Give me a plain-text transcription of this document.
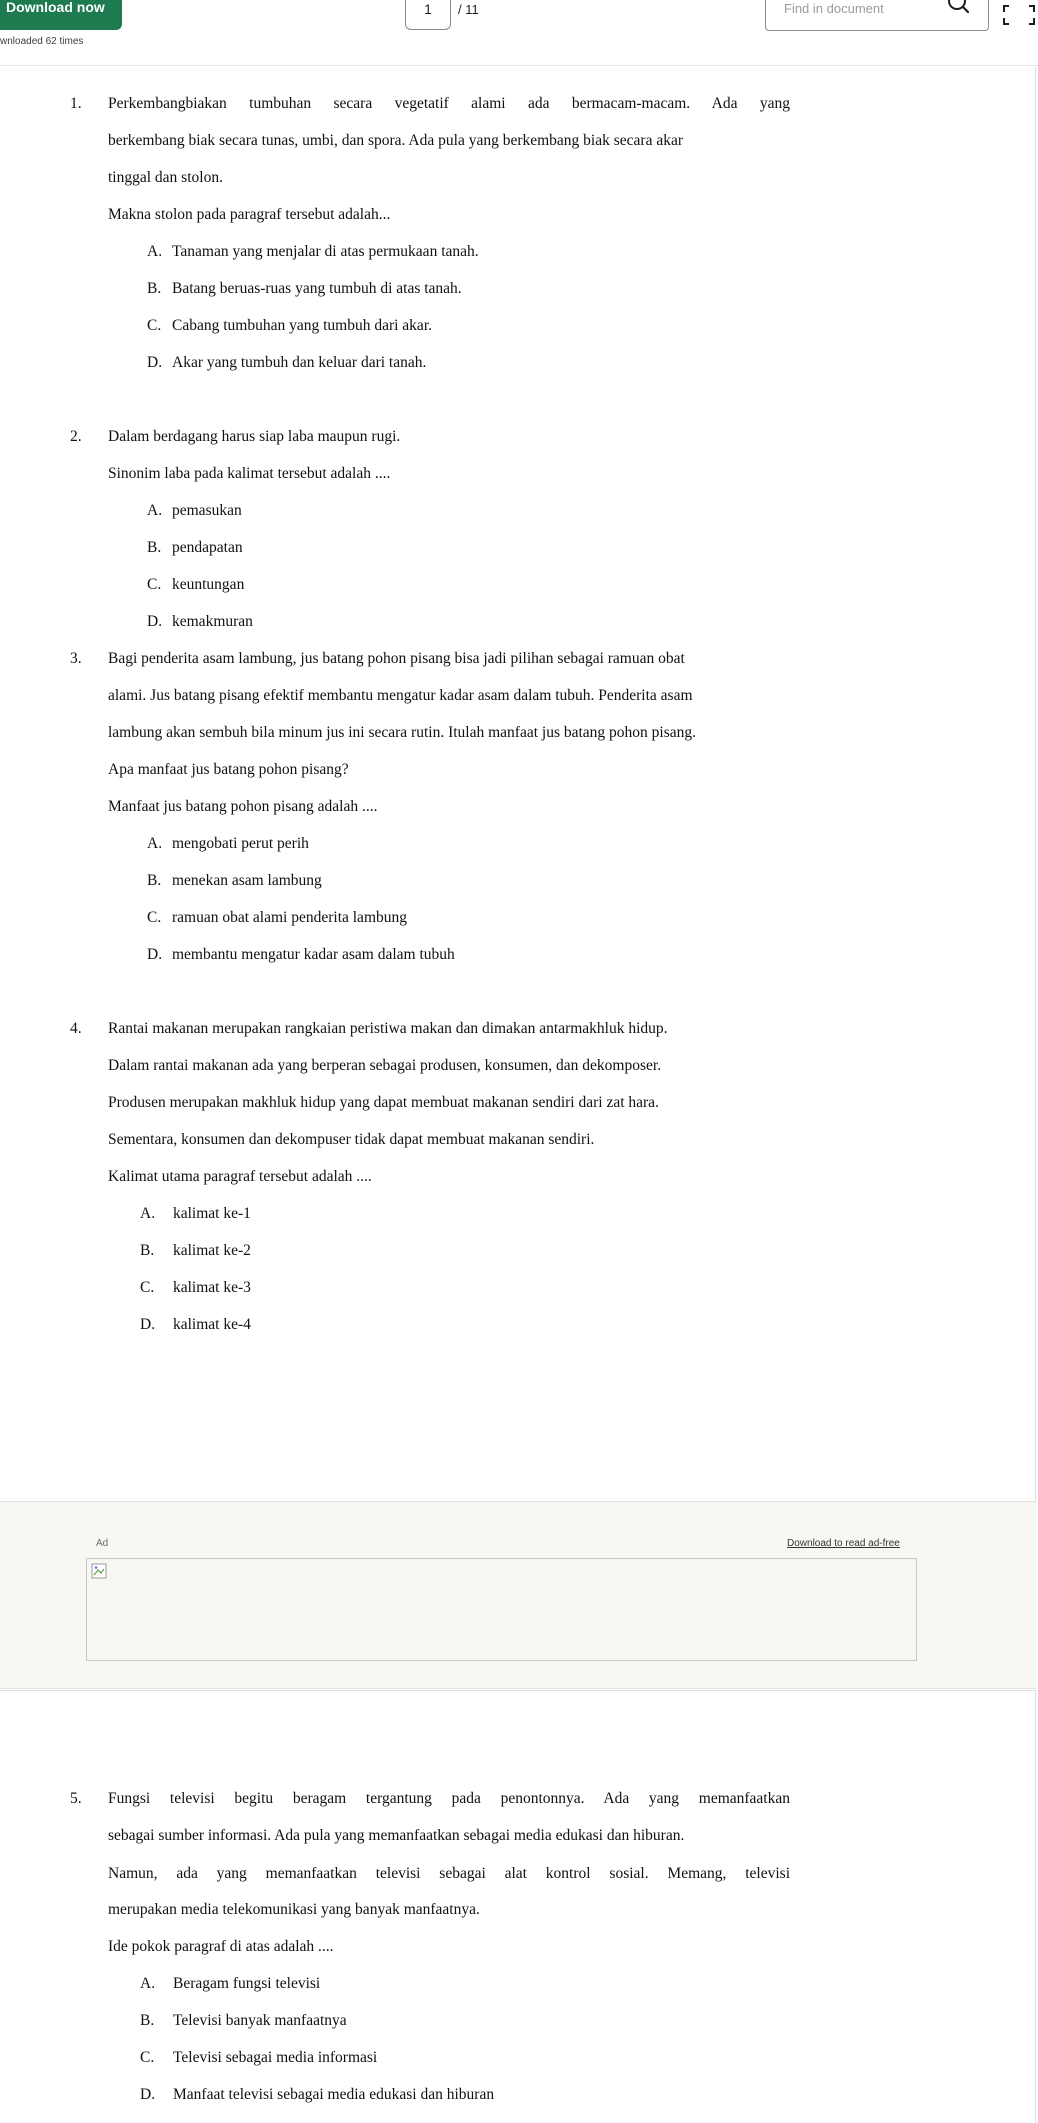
Download now
wnloaded 62 times
1	/ 11	Find in document
1.	Perkembangbiakan tumbuhan secara vegetatif alami ada bermacam-macam. Ada yang
berkembang biak secara tunas, umbi, dan spora. Ada pula yang berkembang biak secara akar
tinggal dan stolon.
Makna stolon pada paragraf tersebut adalah...
A. Tanaman yang menjalar di atas permukaan tanah.
B. Batang beruas-ruas yang tumbuh di atas tanah.
C. Cabang tumbuhan yang tumbuh dari akar.
D. Akar yang tumbuh dan keluar dari tanah.
2.	Dalam berdagang harus siap laba maupun rugi.
Sinonim laba pada kalimat tersebut adalah ....
A. pemasukan
B. pendapatan
C. keuntungan
D. kemakmuran
3.	Bagi penderita asam lambung, jus batang pohon pisang bisa jadi pilihan sebagai ramuan obat
alami. Jus batang pisang efektif membantu mengatur kadar asam dalam tubuh. Penderita asam
lambung akan sembuh bila minum jus ini secara rutin. Itulah manfaat jus batang pohon pisang.
Apa manfaat jus batang pohon pisang?
Manfaat jus batang pohon pisang adalah ....
A. mengobati perut perih
B. menekan asam lambung
C. ramuan obat alami penderita lambung
D. membantu mengatur kadar asam dalam tubuh
4.	Rantai makanan merupakan rangkaian peristiwa makan dan dimakan antarmakhluk hidup.
Dalam rantai makanan ada yang berperan sebagai produsen, konsumen, dan dekomposer.
Produsen merupakan makhluk hidup yang dapat membuat makanan sendiri dari zat hara.
Sementara, konsumen dan dekompuser tidak dapat membuat makanan sendiri.
Kalimat utama paragraf tersebut adalah ....
A.	kalimat ke-1
B.	kalimat ke-2
C.	kalimat ke-3
D.	kalimat ke-4
Ad	Download to read ad-free
5.	Fungsi televisi begitu beragam tergantung pada penontonnya. Ada yang memanfaatkan
sebagai sumber informasi. Ada pula yang memanfaatkan sebagai media edukasi dan hiburan.
Namun, ada yang memanfaatkan televisi sebagai alat kontrol sosial. Memang, televisi
merupakan media telekomunikasi yang banyak manfaatnya.
Ide pokok paragraf di atas adalah ....
A.	Beragam fungsi televisi
B.	Televisi banyak manfaatnya
C.	Televisi sebagai media informasi
D.	Manfaat televisi sebagai media edukasi dan hiburan
